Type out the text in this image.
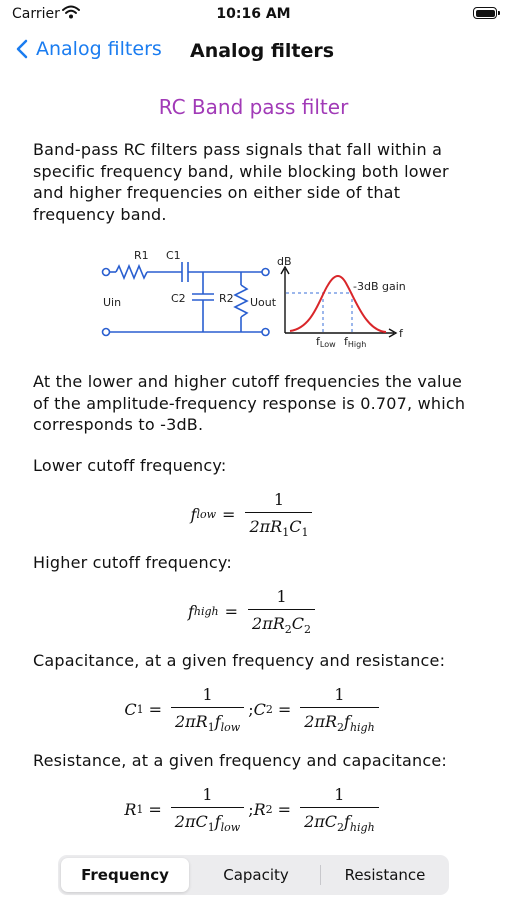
Carrier	10:16 AM
Analog filters Analog filters
RC Band pass filter
Band-pass RC filters pass signals that fall within a specific frequency band, while blocking both lower and higher frequencies on either side of that frequency band.
R1 C1
Uin	C2	R2 Uout
dB
-3dB gain
f
fLow fHigh
At the lower and higher cutoff frequencies the value of the amplitude-frequency response is 0.707, which corresponds to -3dB.
Lower cutoff frequency:
f low = $\frac{1}{2\pi R_1C_1}$
Higher cutoff frequency:
f high = $\frac{1}{2\pi R_2C_2}$
Capacitance, at a given frequency and resistance:
C $1 = \frac{1}{2\pi R_1f_{low}}$ ; C $2 = \frac{1}{2\pi R_2f_{high}}$
Resistance, at a given frequency and capacitance:
R $1 = \frac{1}{2\pi C_1f_{low}}$ ; R $2 = \frac{1}{2\pi C_2f_{high}}$
Frequency	Capacity	Resistance
